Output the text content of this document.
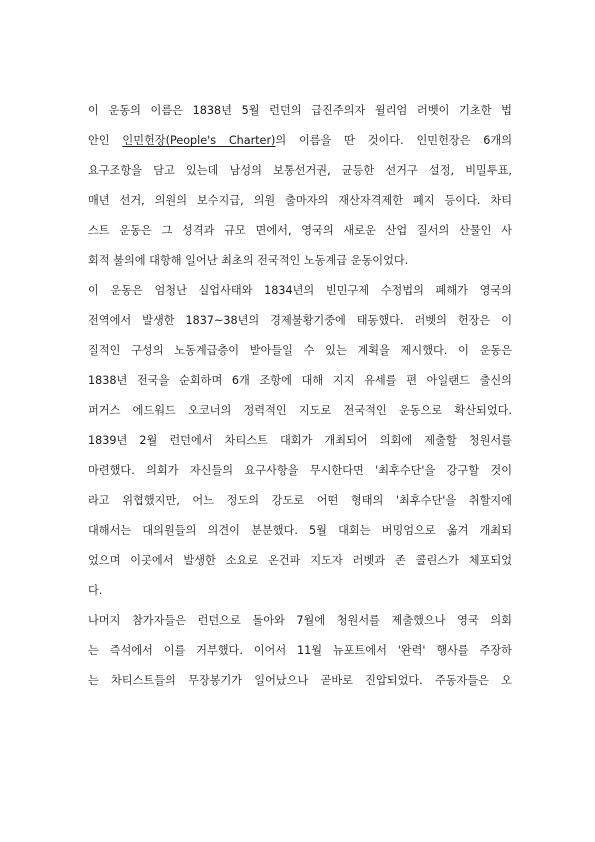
이 운동의 이름은 1838년 5월 런던의 급진주의자 윌리엄 러벳이 기초한 법
안인 인민헌장(People's Charter)의 이름을 딴 것이다. 인민헌장은 6개의
요구조항을 담고 있는데 남성의 보통선거권, 균등한 선거구 설정, 비밀투표,
매년 선거, 의원의 보수지급, 의원 출마자의 재산자격제한 폐지 등이다. 차티
스트 운동은 그 성격과 규모 면에서, 영국의 새로운 산업 질서의 산물인 사
회적 불의에 대항해 일어난 최초의 전국적인 노동계급 운동이었다.
이 운동은 엄청난 실업사태와 1834년의 빈민구제 수정법의 폐해가 영국의
전역에서 발생한 1837~38년의 경제불황기중에 태동했다. 러벳의 헌장은 이
질적인 구성의 노동계급층이 받아들일 수 있는 계획을 제시했다. 이 운동은
1838년 전국을 순회하며 6개 조항에 대해 지지 유세를 편 아일랜드 출신의
퍼거스 에드워드 오코너의 정력적인 지도로 전국적인 운동으로 확산되었다.
1839년 2월 런던에서 차티스트 대회가 개최되어 의회에 제출할 청원서를
마련했다. 의회가 자신들의 요구사항을 무시한다면 '최후수단'을 강구할 것이
라고 위협했지만, 어느 정도의 강도로 어떤 형태의 '최후수단'을 취할지에
대해서는 대의원들의 의견이 분분했다. 5월 대회는 버밍엄으로 옮겨 개최되
었으며 이곳에서 발생한 소요로 온건파 지도자 러벳과 존 콜린스가 체포되었
다.
나머지 참가자들은 런던으로 돌아와 7월에 청원서를 제출했으나 영국 의회
는 즉석에서 이를 거부했다. 이어서 11월 뉴포트에서 '완력' 행사를 주장하
는 차티스트들의 무장봉기가 일어났으나 곧바로 진압되었다. 주동자들은 오
